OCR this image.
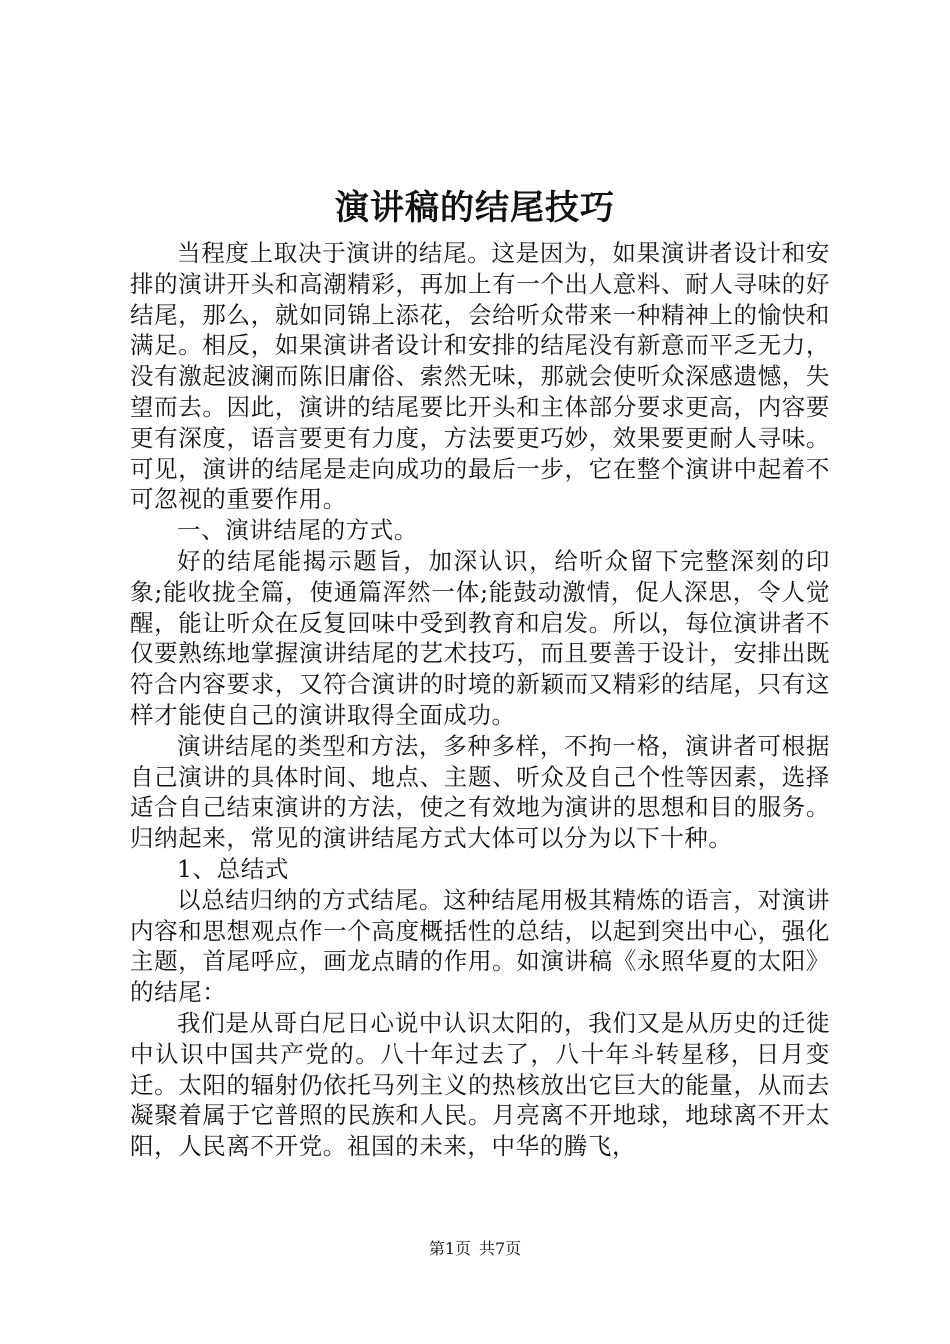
演讲稿的结尾技巧

当程度上取决于演讲的结尾。这是因为，如果演讲者设计和安排的演讲开头和高潮精彩，再加上有一个出人意料、耐人寻味的好结尾，那么，就如同锦上添花，会给听众带来一种精神上的愉快和满足。相反，如果演讲者设计和安排的结尾没有新意而平乏无力，没有激起波澜而陈旧庸俗、索然无味，那就会使听众深感遗憾，失望而去。因此，演讲的结尾要比开头和主体部分要求更高，内容要更有深度，语言要更有力度，方法要更巧妙，效果要更耐人寻味。可见，演讲的结尾是走向成功的最后一步，它在整个演讲中起着不可忽视的重要作用。

一、演讲结尾的方式。

好的结尾能揭示题旨，加深认识，给听众留下完整深刻的印象;能收拢全篇，使通篇浑然一体;能鼓动激情，促人深思，令人觉醒，能让听众在反复回味中受到教育和启发。所以，每位演讲者不仅要熟练地掌握演讲结尾的艺术技巧，而且要善于设计，安排出既符合内容要求，又符合演讲的时境的新颖而又精彩的结尾，只有这样才能使自己的演讲取得全面成功。

演讲结尾的类型和方法，多种多样，不拘一格，演讲者可根据自己演讲的具体时间、地点、主题、听众及自己个性等因素，选择适合自己结束演讲的方法，使之有效地为演讲的思想和目的服务。归纳起来，常见的演讲结尾方式大体可以分为以下十种。

1、总结式

以总结归纳的方式结尾。这种结尾用极其精炼的语言，对演讲内容和思想观点作一个高度概括性的总结，以起到突出中心，强化主题，首尾呼应，画龙点睛的作用。如演讲稿《永照华夏的太阳》的结尾：

我们是从哥白尼日心说中认识太阳的，我们又是从历史的迁徙中认识中国共产党的。八十年过去了，八十年斗转星移，日月变迁。太阳的辐射仍依托马列主义的热核放出它巨大的能量，从而去凝聚着属于它普照的民族和人民。月亮离不开地球，地球离不开太阳，人民离不开党。祖国的未来，中华的腾飞，

第1页 共7页
